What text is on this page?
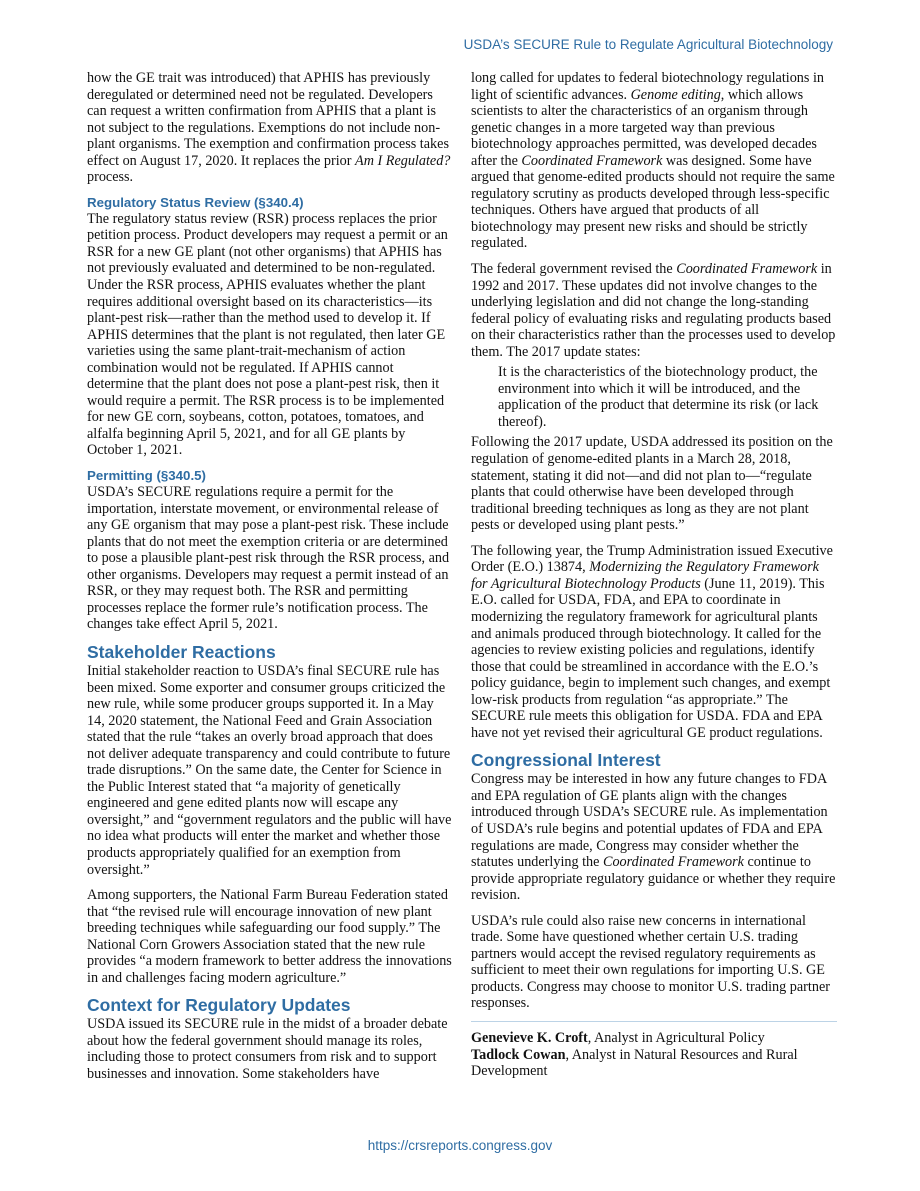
USDA’s SECURE Rule to Regulate Agricultural Biotechnology

how the GE trait was introduced) that APHIS has previously deregulated or determined need not be regulated. Developers can request a written confirmation from APHIS that a plant is not subject to the regulations. Exemptions do not include non-plant organisms. The exemption and confirmation process takes effect on August 17, 2020. It replaces the prior Am I Regulated? process.

Regulatory Status Review (§340.4)

The regulatory status review (RSR) process replaces the prior petition process. Product developers may request a permit or an RSR for a new GE plant (not other organisms) that APHIS has not previously evaluated and determined to be non-regulated. Under the RSR process, APHIS evaluates whether the plant requires additional oversight based on its characteristics—its plant-pest risk—rather than the method used to develop it. If APHIS determines that the plant is not regulated, then later GE varieties using the same plant-trait-mechanism of action combination would not be regulated. If APHIS cannot determine that the plant does not pose a plant-pest risk, then it would require a permit. The RSR process is to be implemented for new GE corn, soybeans, cotton, potatoes, tomatoes, and alfalfa beginning April 5, 2021, and for all GE plants by October 1, 2021.

Permitting (§340.5)

USDA’s SECURE regulations require a permit for the importation, interstate movement, or environmental release of any GE organism that may pose a plant-pest risk. These include plants that do not meet the exemption criteria or are determined to pose a plausible plant-pest risk through the RSR process, and other organisms. Developers may request a permit instead of an RSR, or they may request both. The RSR and permitting processes replace the former rule’s notification process. The changes take effect April 5, 2021.

Stakeholder Reactions

Initial stakeholder reaction to USDA’s final SECURE rule has been mixed. Some exporter and consumer groups criticized the new rule, while some producer groups supported it. In a May 14, 2020 statement, the National Feed and Grain Association stated that the rule “takes an overly broad approach that does not deliver adequate transparency and could contribute to future trade disruptions.” On the same date, the Center for Science in the Public Interest stated that “a majority of genetically engineered and gene edited plants now will escape any oversight,” and “government regulators and the public will have no idea what products will enter the market and whether those products appropriately qualified for an exemption from oversight.”

Among supporters, the National Farm Bureau Federation stated that “the revised rule will encourage innovation of new plant breeding techniques while safeguarding our food supply.” The National Corn Growers Association stated that the new rule provides “a modern framework to better address the innovations in and challenges facing modern agriculture.”

Context for Regulatory Updates

USDA issued its SECURE rule in the midst of a broader debate about how the federal government should manage its roles, including those to protect consumers from risk and to support businesses and innovation. Some stakeholders have

long called for updates to federal biotechnology regulations in light of scientific advances. Genome editing, which allows scientists to alter the characteristics of an organism through genetic changes in a more targeted way than previous biotechnology approaches permitted, was developed decades after the Coordinated Framework was designed. Some have argued that genome-edited products should not require the same regulatory scrutiny as products developed through less-specific techniques. Others have argued that products of all biotechnology may present new risks and should be strictly regulated.

The federal government revised the Coordinated Framework in 1992 and 2017. These updates did not involve changes to the underlying legislation and did not change the long-standing federal policy of evaluating risks and regulating products based on their characteristics rather than the processes used to develop them. The 2017 update states:

It is the characteristics of the biotechnology product, the environment into which it will be introduced, and the application of the product that determine its risk (or lack thereof).

Following the 2017 update, USDA addressed its position on the regulation of genome-edited plants in a March 28, 2018, statement, stating it did not—and did not plan to—“regulate plants that could otherwise have been developed through traditional breeding techniques as long as they are not plant pests or developed using plant pests.”

The following year, the Trump Administration issued Executive Order (E.O.) 13874, Modernizing the Regulatory Framework for Agricultural Biotechnology Products (June 11, 2019). This E.O. called for USDA, FDA, and EPA to coordinate in modernizing the regulatory framework for agricultural plants and animals produced through biotechnology. It called for the agencies to review existing policies and regulations, identify those that could be streamlined in accordance with the E.O.’s policy guidance, begin to implement such changes, and exempt low-risk products from regulation “as appropriate.” The SECURE rule meets this obligation for USDA. FDA and EPA have not yet revised their agricultural GE product regulations.

Congressional Interest

Congress may be interested in how any future changes to FDA and EPA regulation of GE plants align with the changes introduced through USDA’s SECURE rule. As implementation of USDA’s rule begins and potential updates of FDA and EPA regulations are made, Congress may consider whether the statutes underlying the Coordinated Framework continue to provide appropriate regulatory guidance or whether they require revision.

USDA’s rule could also raise new concerns in international trade. Some have questioned whether certain U.S. trading partners would accept the revised regulatory requirements as sufficient to meet their own regulations for importing U.S. GE products. Congress may choose to monitor U.S. trading partner responses.

Genevieve K. Croft, Analyst in Agricultural Policy

Tadlock Cowan, Analyst in Natural Resources and Rural Development

https://crsreports.congress.gov
